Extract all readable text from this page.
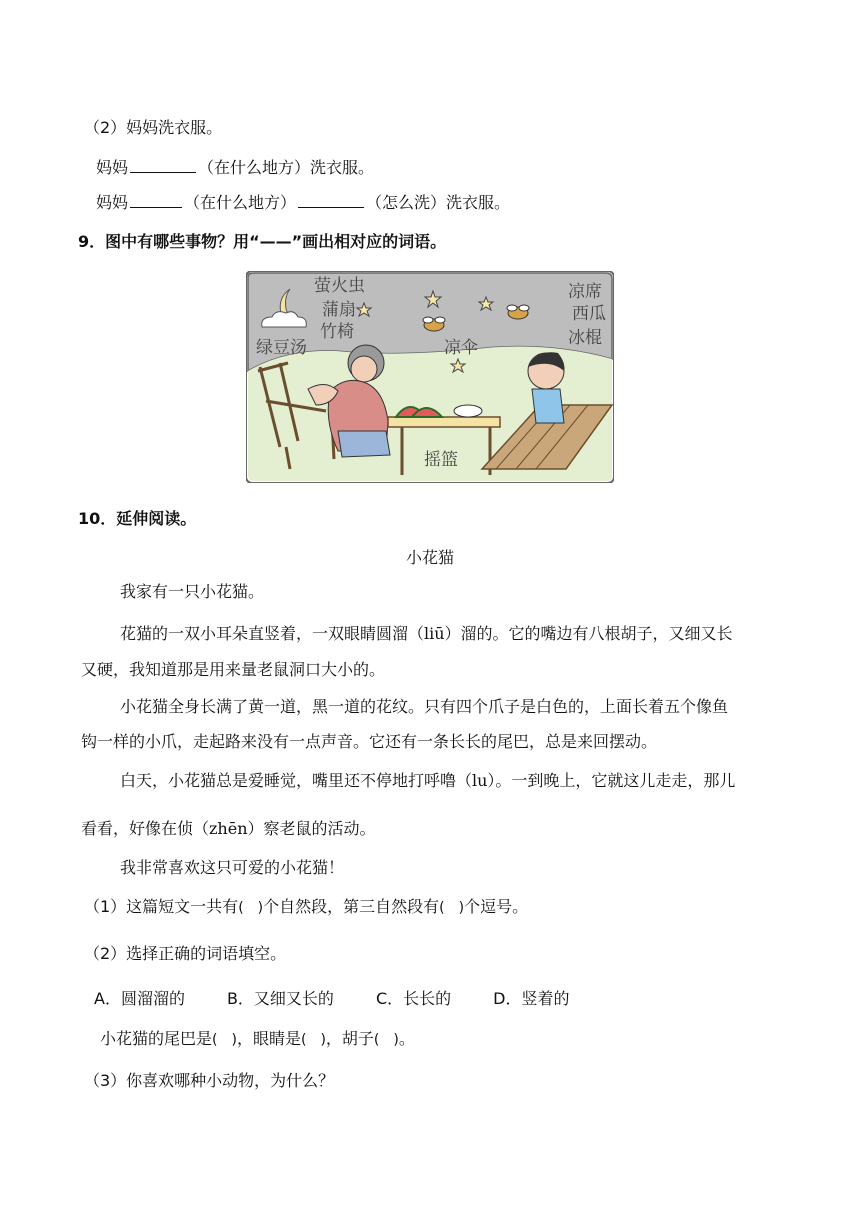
（2）妈妈洗衣服。
妈妈	（在什么地方）洗衣服。
妈妈	（在什么地方）	（怎么洗）洗衣服。
9．图中有哪些事物？用“——”画出相对应的词语。
萤火虫
蒲扇
竹椅
绿豆汤	凉伞
凉席
西瓜
冰棍
摇篮
10．延伸阅读。
小花猫
我家有一只小花猫。
花猫的一双小耳朵直竖着，一双眼睛圆溜（liū）溜的。它的嘴边有八根胡子，又细又长
又硬，我知道那是用来量老鼠洞口大小的。
小花猫全身长满了黄一道，黑一道的花纹。只有四个爪子是白色的，上面长着五个像鱼
钩一样的小爪，走起路来没有一点声音。它还有一条长长的尾巴，总是来回摆动。
白天，小花猫总是爱睡觉，嘴里还不停地打呼噜（lu）。一到晚上，它就这儿走走，那儿
看看，好像在侦（zhēn）察老鼠的活动。
我非常喜欢这只可爱的小花猫！
（1）这篇短文一共有(  )个自然段，第三自然段有(  )个逗号。
（2）选择正确的词语填空。
A．圆溜溜的	B．又细又长的	C．长长的	D．竖着的
小花猫的尾巴是(  )，眼睛是(  )，胡子(  )。
（3）你喜欢哪种小动物，为什么？
